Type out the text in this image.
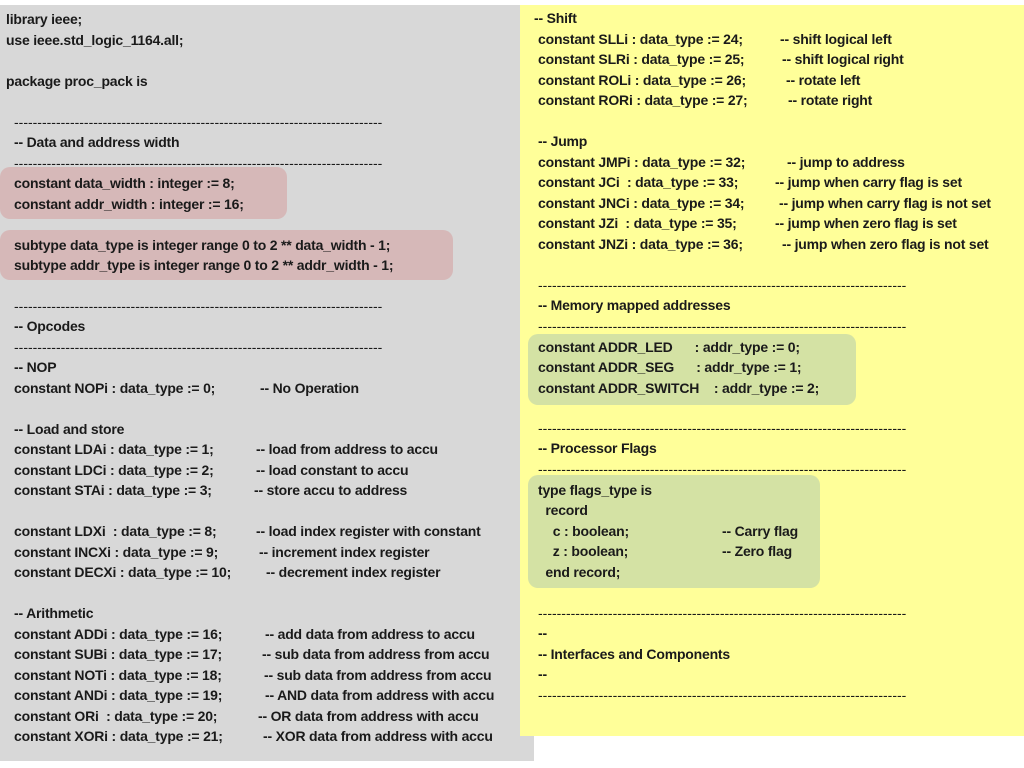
library ieee;
use ieee.std_logic_1164.all;
package proc_pack is
-------------------------------------------------------------------------------
-- Data and address width
-------------------------------------------------------------------------------
constant data_width : integer := 8;
constant addr_width : integer := 16;
subtype data_type is integer range 0 to 2 ** data_width - 1;
subtype addr_type is integer range 0 to 2 ** addr_width - 1;
-------------------------------------------------------------------------------
-- Opcodes
-------------------------------------------------------------------------------
-- NOP
constant NOPi : data_type := 0;	-- No Operation
-- Load and store
constant LDAi : data_type := 1;	-- load from address to accu
constant LDCi : data_type := 2;	-- load constant to accu
constant STAi : data_type := 3;	-- store accu to address
constant LDXi  : data_type := 8;	-- load index register with constant
constant INCXi : data_type := 9;	-- increment index register
constant DECXi : data_type := 10; -- decrement index register
-- Arithmetic
constant ADDi : data_type := 16;	-- add data from address to accu
constant SUBi : data_type := 17;	-- sub data from address from accu
constant NOTi : data_type := 18;	-- sub data from address from accu
constant ANDi : data_type := 19;	-- AND data from address with accu
constant ORi  : data_type := 20;	-- OR data from address with accu
constant XORi : data_type := 21;	-- XOR data from address with accu
-- Shift
constant SLLi : data_type := 24;	-- shift logical left
constant SLRi : data_type := 25;	-- shift logical right
constant ROLi : data_type := 26;	-- rotate left
constant RORi : data_type := 27;	-- rotate right
-- Jump
constant JMPi : data_type := 32;	-- jump to address
constant JCi  : data_type := 33;	-- jump when carry flag is set
constant JNCi : data_type := 34; -- jump when carry flag is not set
constant JZi  : data_type := 35;	-- jump when zero flag is set
constant JNZi : data_type := 36;	-- jump when zero flag is not set
-------------------------------------------------------------------------------
-- Memory mapped addresses
-------------------------------------------------------------------------------
constant ADDR_LED      : addr_type := 0;
constant ADDR_SEG      : addr_type := 1;
constant ADDR_SWITCH    : addr_type := 2;
-------------------------------------------------------------------------------
-- Processor Flags
-------------------------------------------------------------------------------
type flags_type is
record
c : boolean;	-- Carry flag
z : boolean;	-- Zero flag
end record;
-------------------------------------------------------------------------------
--
-- Interfaces and Components
--
-------------------------------------------------------------------------------
